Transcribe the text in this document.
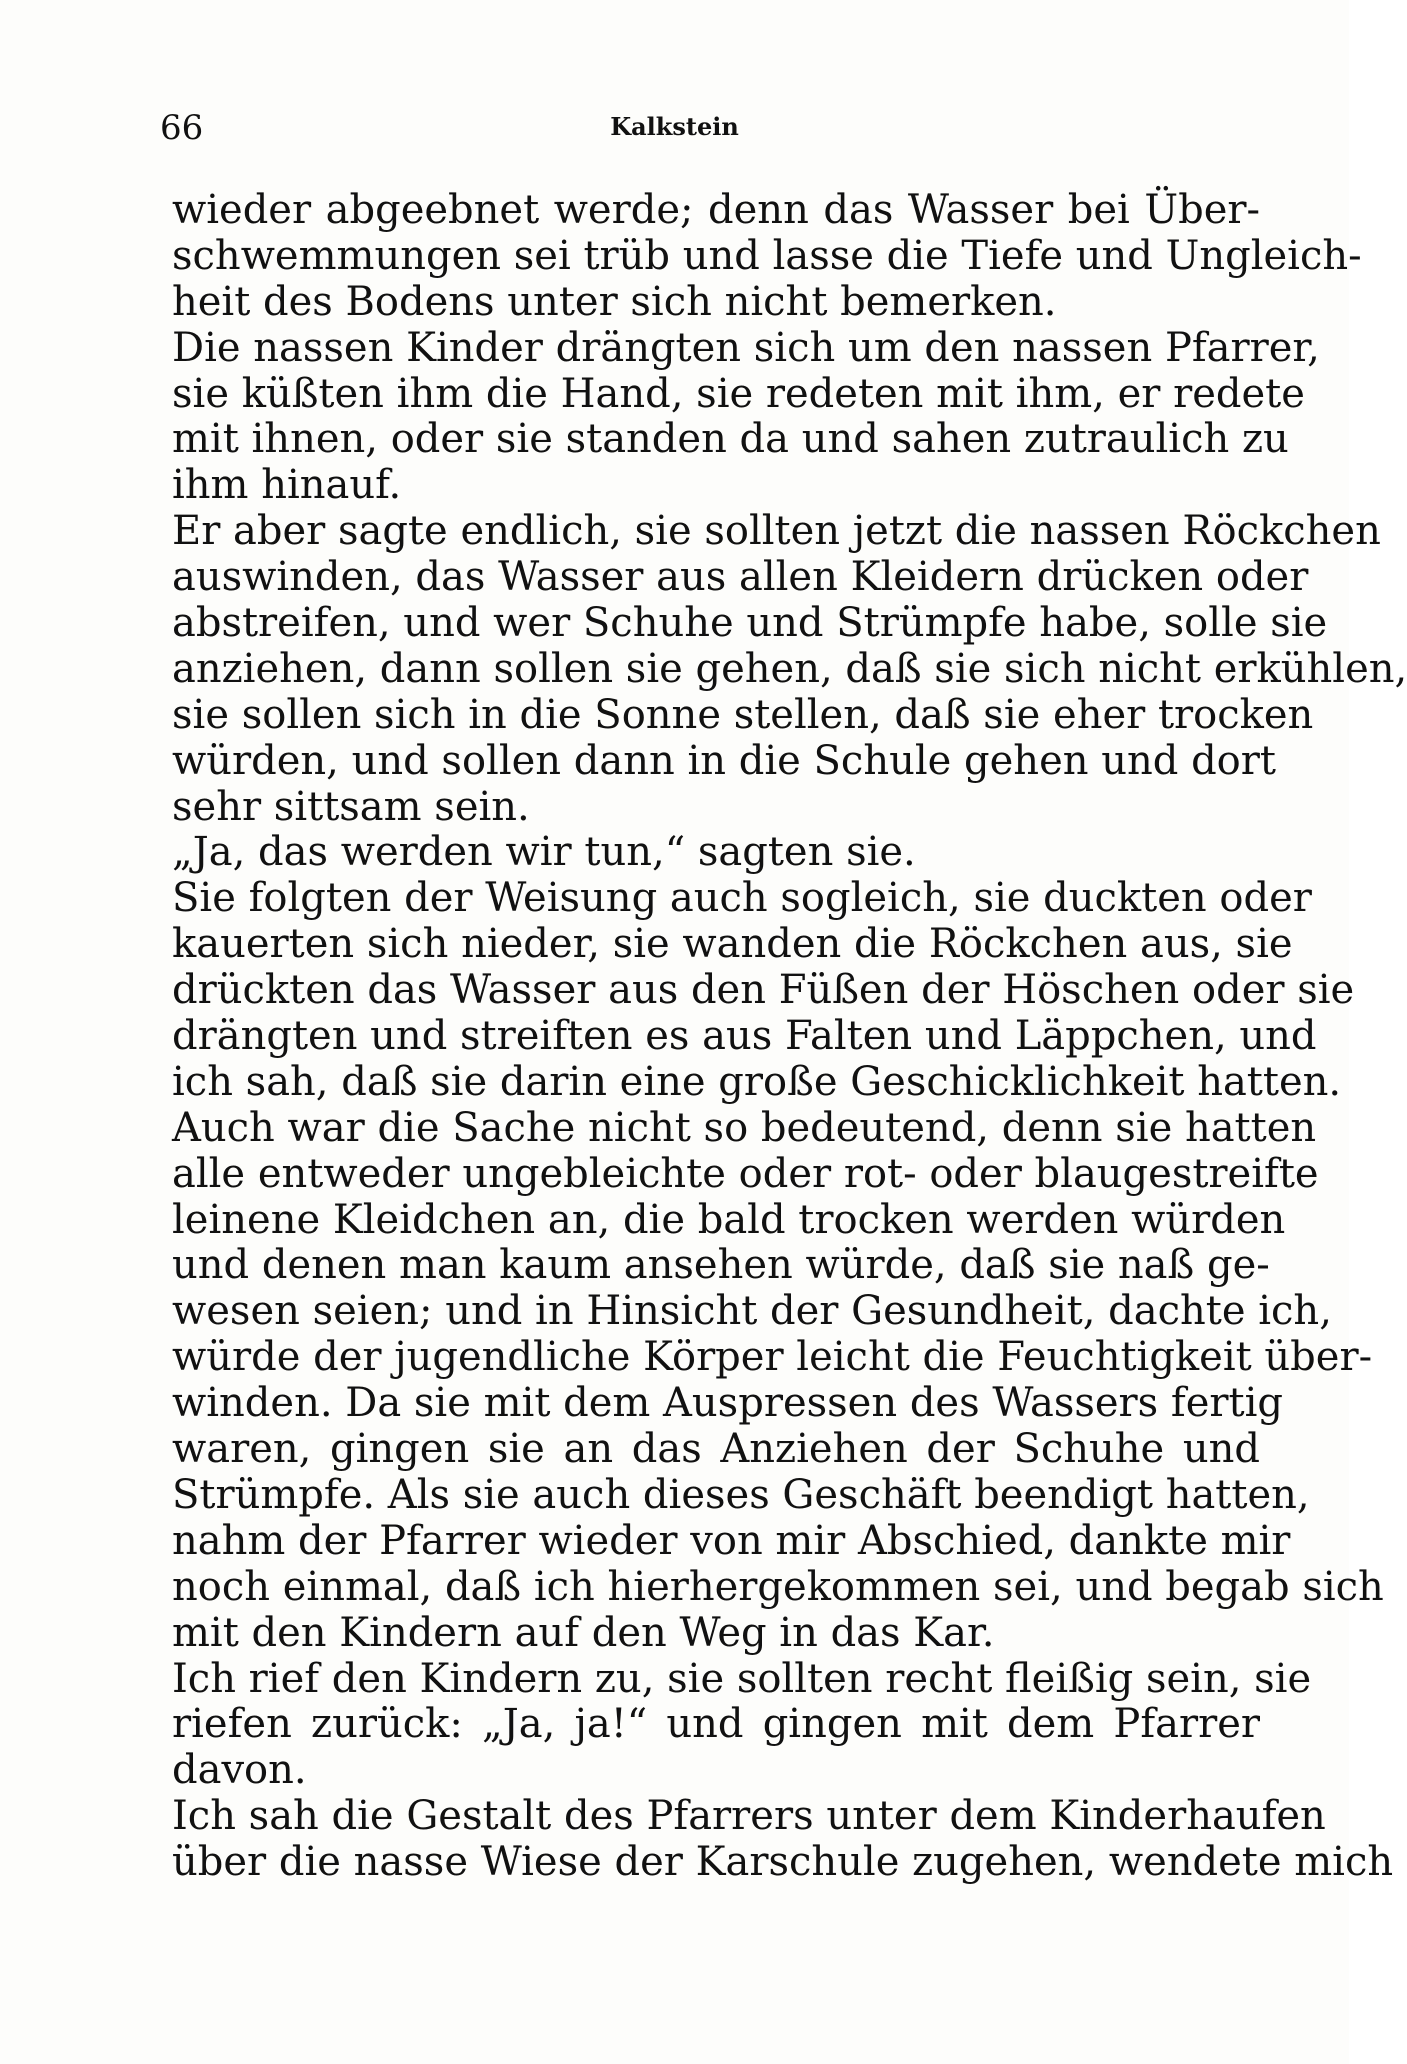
66	Kalkstein
wieder abgeebnet werde; denn das Wasser bei Über-
schwemmungen sei trüb und lasse die Tiefe und Ungleich-
heit des Bodens unter sich nicht bemerken.
Die nassen Kinder drängten sich um den nassen Pfarrer,
sie küßten ihm die Hand, sie redeten mit ihm, er redete
mit ihnen, oder sie standen da und sahen zutraulich zu
ihm hinauf.
Er aber sagte endlich, sie sollten jetzt die nassen Röckchen
auswinden, das Wasser aus allen Kleidern drücken oder
abstreifen, und wer Schuhe und Strümpfe habe, solle sie
anziehen, dann sollen sie gehen, daß sie sich nicht erkühlen,
sie sollen sich in die Sonne stellen, daß sie eher trocken
würden, und sollen dann in die Schule gehen und dort
sehr sittsam sein.
„Ja, das werden wir tun,“ sagten sie.
Sie folgten der Weisung auch sogleich, sie duckten oder
kauerten sich nieder, sie wanden die Röckchen aus, sie
drückten das Wasser aus den Füßen der Höschen oder sie
drängten und streiften es aus Falten und Läppchen, und
ich sah, daß sie darin eine große Geschicklichkeit hatten.
Auch war die Sache nicht so bedeutend, denn sie hatten
alle entweder ungebleichte oder rot- oder blaugestreifte
leinene Kleidchen an, die bald trocken werden würden
und denen man kaum ansehen würde, daß sie naß ge-
wesen seien; und in Hinsicht der Gesundheit, dachte ich,
würde der jugendliche Körper leicht die Feuchtigkeit über-
winden. Da sie mit dem Auspressen des Wassers fertig
waren, gingen sie an das Anziehen der Schuhe und
Strümpfe. Als sie auch dieses Geschäft beendigt hatten,
nahm der Pfarrer wieder von mir Abschied, dankte mir
noch einmal, daß ich hierhergekommen sei, und begab sich
mit den Kindern auf den Weg in das Kar.
Ich rief den Kindern zu, sie sollten recht fleißig sein, sie
riefen zurück: „Ja, ja!“ und gingen mit dem Pfarrer
davon.
Ich sah die Gestalt des Pfarrers unter dem Kinderhaufen
über die nasse Wiese der Karschule zugehen, wendete mich
